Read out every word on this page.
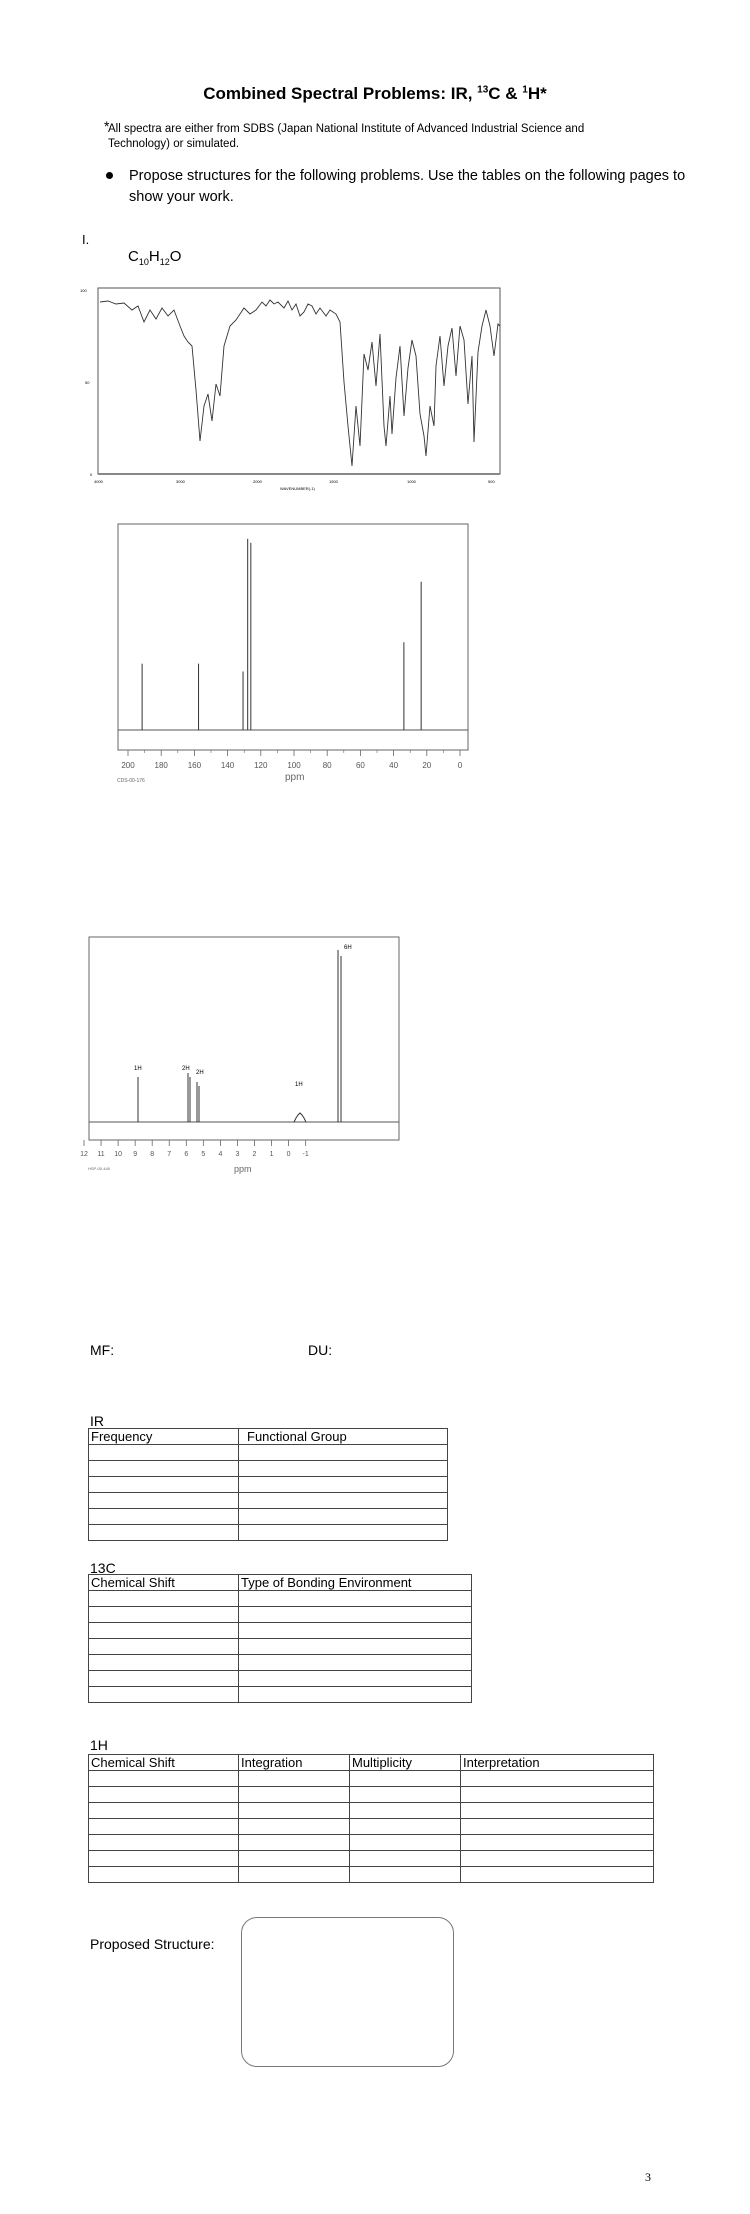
Combined Spectral Problems: IR, $^{13}$C & $^1$H*
*
All spectra are either from SDBS (Japan National Institute of Advanced Industrial Science and Technology) or simulated.
Propose structures for the following problems. Use the tables on the following pages to show your work.
I.
$C_{10}H_{12}O$
100
50
0
4000	3000	2000	1500	1000	500
WAVENUMBER(-1)
200 180 160 140 120 100	80	60	40	20	0
ppm
CDS-00-176
1H	2H
2H
1H
6H
12 11 10 9 8 7 6 5 4 3 2 1 0 -1
ppm
HSP-00-440
MF:	DU:
IR
Frequency	Functional Group

13C
Chemical Shift	Type of Bonding Environment

1H
Chemical Shift	Integration	Multiplicity	Interpretation

Proposed Structure:
3
